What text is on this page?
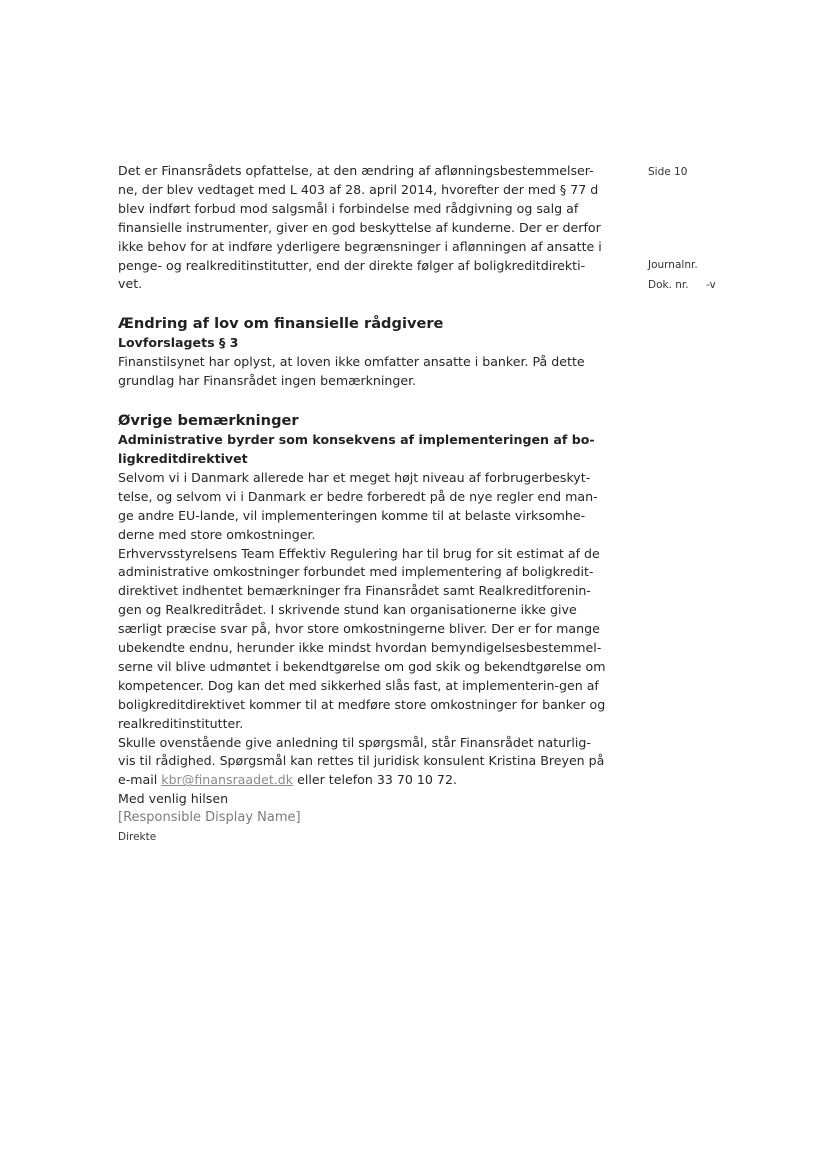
Side 10
Journalnr.
Dok. nr. -v

Det er Finansrådets opfattelse, at den ændring af aflønningsbestemmelser-ne, der blev vedtaget med L 403 af 28. april 2014, hvorefter der med § 77 d blev indført forbud mod salgsmål i forbindelse med rådgivning og salg af finansielle instrumenter, giver en god beskyttelse af kunderne. Der er derfor ikke behov for at indføre yderligere begrænsninger i aflønningen af ansatte i penge- og realkreditinstitutter, end der direkte følger af boligkreditdirekti-vet.

Ændring af lov om finansielle rådgivere
Lovforslagets § 3

Finanstilsynet har oplyst, at loven ikke omfatter ansatte i banker. På dette grundlag har Finansrådet ingen bemærkninger.

Øvrige bemærkninger
Administrative byrder som konsekvens af implementeringen af bo-ligkreditdirektivet

Selvom vi i Danmark allerede har et meget højt niveau af forbrugerbeskyt-telse, og selvom vi i Danmark er bedre forberedt på de nye regler end man-ge andre EU-lande, vil implementeringen komme til at belaste virksomhe-derne med store omkostninger.

Erhvervsstyrelsens Team Effektiv Regulering har til brug for sit estimat af de administrative omkostninger forbundet med implementering af boligkredit-direktivet indhentet bemærkninger fra Finansrådet samt Realkreditforenin-gen og Realkreditrådet. I skrivende stund kan organisationerne ikke give særligt præcise svar på, hvor store omkostningerne bliver. Der er for mange ubekendte endnu, herunder ikke mindst hvordan bemyndigelsesbestemmel-serne vil blive udmøntet i bekendtgørelse om god skik og bekendtgørelse om kompetencer. Dog kan det med sikkerhed slås fast, at implementerin-gen af boligkreditdirektivet kommer til at medføre store omkostninger for banker og realkreditinstitutter.

Skulle ovenstående give anledning til spørgsmål, står Finansrådet naturlig-vis til rådighed. Spørgsmål kan rettes til juridisk konsulent Kristina Breyen på e-mail kbr@finansraadet.dk eller telefon 33 70 10 72.

Med venlig hilsen

[Responsible Display Name]

Direkte
